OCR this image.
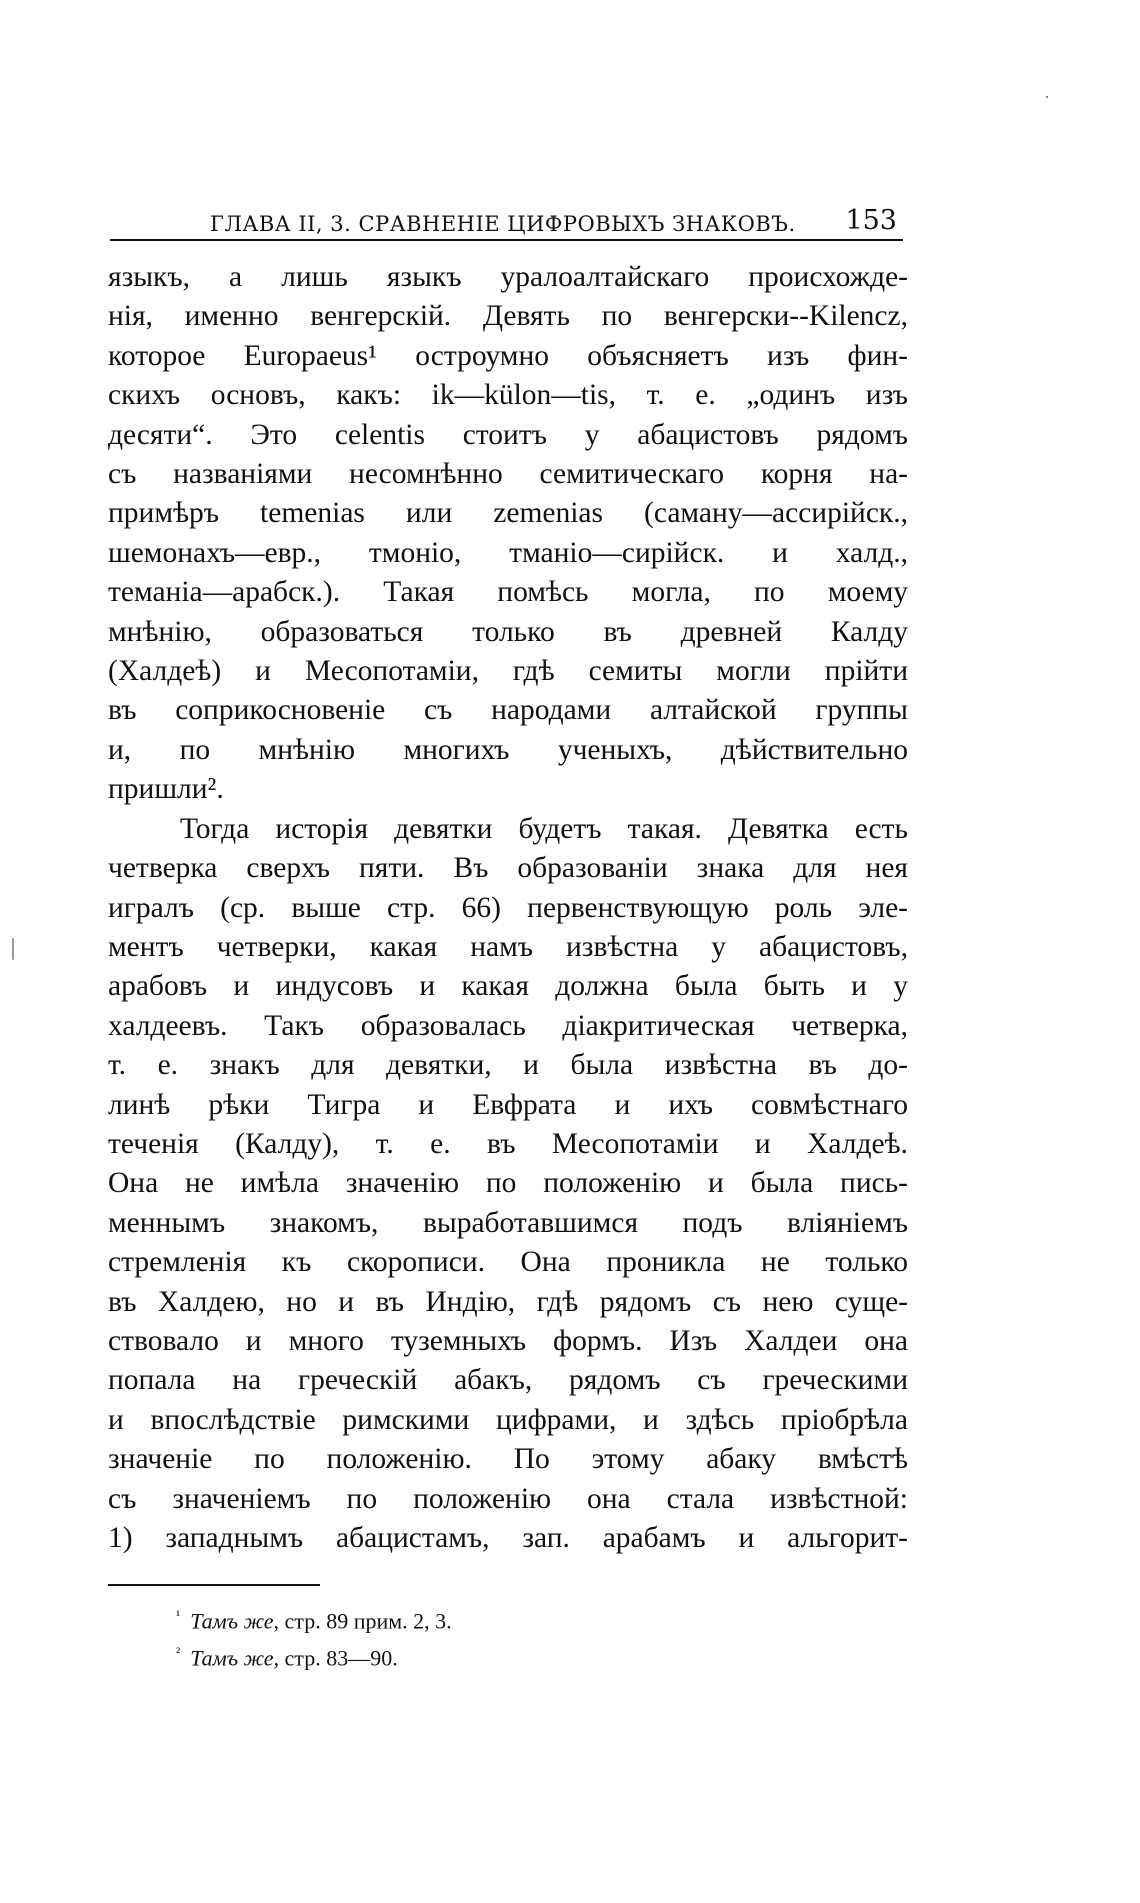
ГЛАВА II, 3. СРАВНЕНІЕ ЦИФРОВЫХЪ ЗНАКОВЪ. 153
языкъ, а лишь языкъ уралоалтайскаго происхожде-
нія, именно венгерскій. Девять по венгерски--Kilencz,
которое Europaeus¹ остроумно объясняетъ изъ фин-
скихъ основъ, какъ: ik—külon—tis, т. е. „одинъ изъ
десяти“. Это celentis стоитъ у абацистовъ рядомъ
съ названіями несомнѣнно семитическаго корня на-
примѣръ temenias или zemenias (саману—ассирійск.,
шемонахъ—евр., тмоніо, тманіо—сирійск. и халд.,
теманіа—арабск.). Такая помѣсь могла, по моему
мнѣнію, образоваться только въ древней Калду
(Халдеѣ) и Месопотаміи, гдѣ семиты могли прійти
въ соприкосновеніе съ народами алтайской группы
и, по мнѣнію многихъ ученыхъ, дѣйствительно
пришли².
Тогда исторія девятки будетъ такая. Девятка есть
четверка сверхъ пяти. Въ образованіи знака для нея
игралъ (ср. выше стр. 66) первенствующую роль эле-
ментъ четверки, какая намъ извѣстна у абацистовъ,
арабовъ и индусовъ и какая должна была быть и у
халдеевъ. Такъ образовалась діакритическая четверка,
т. е. знакъ для девятки, и была извѣстна въ до-
линѣ рѣки Тигра и Евфрата и ихъ совмѣстнаго
теченія (Калду), т. е. въ Месопотаміи и Халдеѣ.
Она не имѣла значенію по положенію и была пись-
меннымъ знакомъ, выработавшимся подъ вліяніемъ
стремленія къ скорописи. Она проникла не только
въ Халдею, но и въ Индію, гдѣ рядомъ съ нею суще-
ствовало и много туземныхъ формъ. Изъ Халдеи она
попала на греческій абакъ, рядомъ съ греческими
и впослѣдствіе римскими цифрами, и здѣсь пріобрѣла
значеніе по положенію. По этому абаку вмѣстѣ
съ значеніемъ по положенію она стала извѣстной:
1) западнымъ абацистамъ, зап. арабамъ и альгорит-
$^{^1}$ Тамъ же, стр. 89 прим. 2, 3.
$^{^2}$ Тамъ же, стр. 83—90.
